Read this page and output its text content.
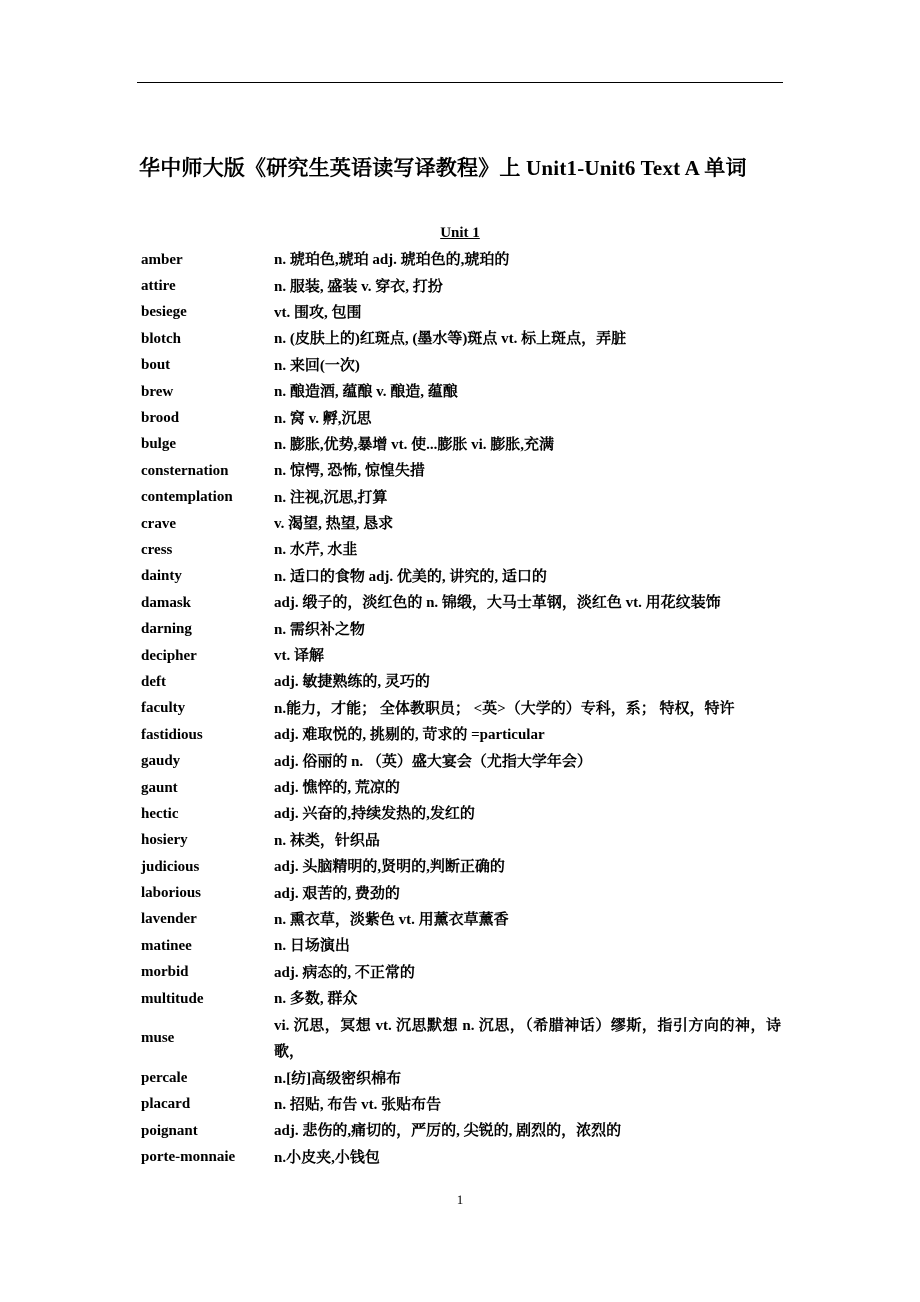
华中师大版《研究生英语读写译教程》上 Unit1-Unit6 Text A 单词
Unit 1
amber	n. 琥珀色,琥珀 adj. 琥珀色的,琥珀的
attire	n. 服装, 盛装 v. 穿衣, 打扮
besiege	vt. 围攻, 包围
blotch	n. (皮肤上的)红斑点, (墨水等)斑点 vt. 标上斑点，弄脏
bout	n. 来回(一次)
brew	n. 酿造酒, 蕴酿 v. 酿造, 蕴酿
brood	n. 窝 v. 孵,沉思
bulge	n. 膨胀,优势,暴增 vt. 使...膨胀 vi. 膨胀,充满
consternation	n. 惊愕, 恐怖, 惊惶失措
contemplation	n. 注视,沉思,打算
crave	v. 渴望, 热望, 恳求
cress	n. 水芹, 水韭
dainty	n. 适口的食物 adj. 优美的, 讲究的, 适口的
damask	adj. 缎子的，淡红色的 n. 锦缎，大马士革钢，淡红色 vt. 用花纹装饰
darning	n. 需织补之物
decipher	vt. 译解
deft	adj. 敏捷熟练的, 灵巧的
faculty	n.能力，才能； 全体教职员； <英>（大学的）专科，系； 特权，特许
fastidious	adj. 难取悦的, 挑剔的, 苛求的 =particular
gaudy	adj. 俗丽的 n. （英）盛大宴会（尤指大学年会）
gaunt	adj. 憔悴的, 荒凉的
hectic	adj. 兴奋的,持续发热的,发红的
hosiery	n. 袜类，针织品
judicious	adj. 头脑精明的,贤明的,判断正确的
laborious	adj. 艰苦的, 费劲的
lavender	n. 熏衣草，淡紫色 vt. 用薰衣草薰香
matinee	n. 日场演出
morbid	adj. 病态的, 不正常的
multitude	n. 多数, 群众
muse
vi. 沉思，冥想 vt. 沉思默想 n. 沉思，（希腊神话）缪斯，指引方向的神，诗歌，
percale	n.[纺]高级密织棉布
placard	n. 招贴, 布告 vt. 张贴布告
poignant	adj. 悲伤的,痛切的，严厉的, 尖锐的, 剧烈的，浓烈的
porte-monnaie	n.小皮夹,小钱包
1
